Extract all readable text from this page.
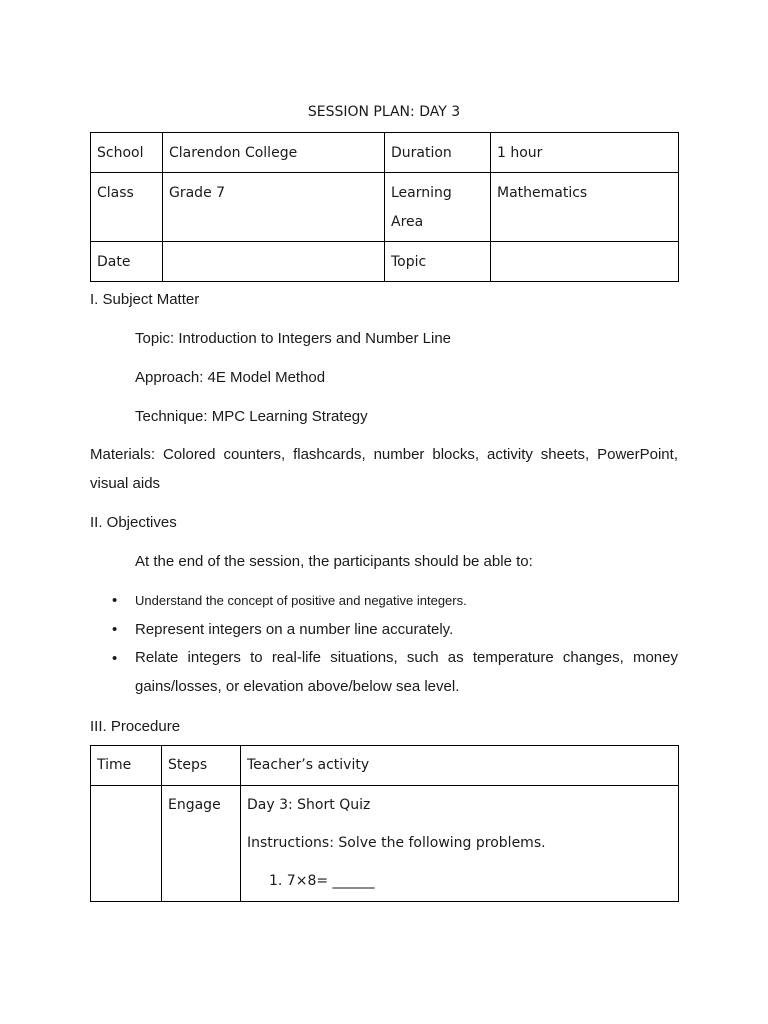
SESSION PLAN: DAY 3
School	Clarendon College	Duration	1 hour
Class	Grade 7	Learning Area	Mathematics
Date		Topic	
I. Subject Matter
Topic: Introduction to Integers and Number Line
Approach: 4E Model Method
Technique: MPC Learning Strategy
Materials: Colored counters, flashcards, number blocks, activity sheets, PowerPoint, visual aids
II. Objectives
At the end of the session, the participants should be able to:
• Understand the concept of positive and negative integers.
• Represent integers on a number line accurately.
• Relate integers to real-life situations, such as temperature changes, money gains/losses, or elevation above/below sea level.
III. Procedure
Time	Steps	Teacher’s activity
	Engage	Day 3: Short Quiz
Instructions: Solve the following problems.
1. 7×8= ______
